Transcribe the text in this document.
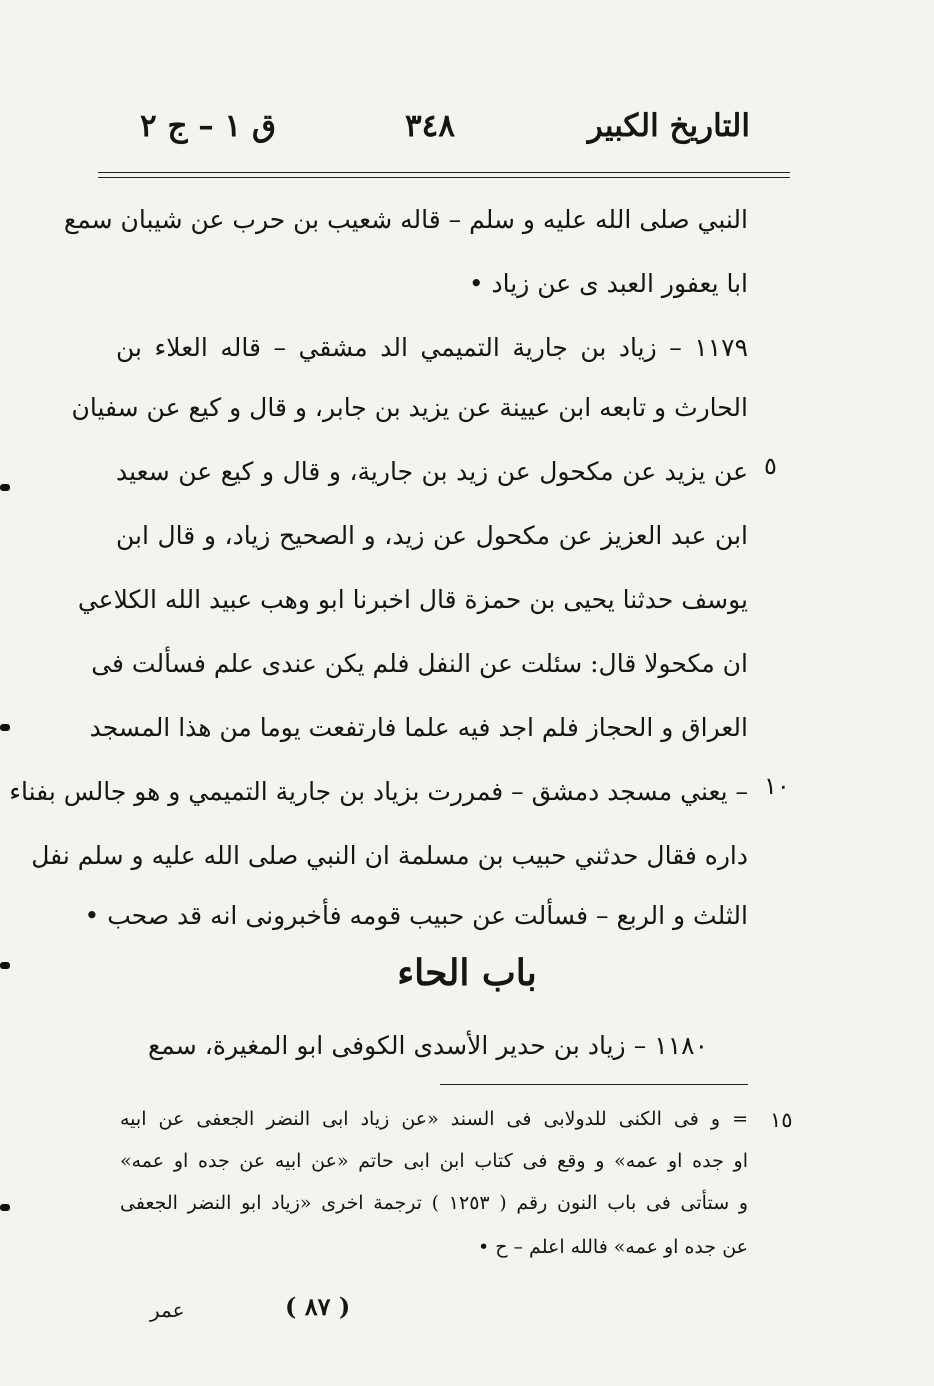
التاريخ الكبير
٣٤٨
ق ١ – ج ٢
النبي صلى الله عليه و سلم – قاله شعيب بن حرب عن شيبان سمع
ابا يعفور العبد ى عن زياد •
١١٧٩ – زياد بن جارية التميمي الد مشقي – قاله العلاء بن
الحارث و تابعه ابن عيينة عن يزيد بن جابر، و قال و كيع عن سفيان
عن يزيد عن مكحول عن زيد بن جارية، و قال و كيع عن سعيد
ابن عبد العزيز عن مكحول عن زيد، و الصحيح زياد، و قال ابن
يوسف حدثنا يحيى بن حمزة قال اخبرنا ابو وهب عبيد الله الكلاعي
ان مكحولا قال: سئلت عن النفل فلم يكن عندى علم فسألت فى
العراق و الحجاز فلم اجد فيه علما فارتفعت يوما من هذا المسجد
– يعني مسجد دمشق – فمررت بزياد بن جارية التميمي و هو جالس بفناء
داره فقال حدثني حبيب بن مسلمة ان النبي صلى الله عليه و سلم نفل
الثلث و الربع – فسألت عن حبيب قومه فأخبرونى انه قد صحب •
٥
١٠
باب الحاء
١١٨٠ – زياد بن حدير الأسدى الكوفى ابو المغيرة، سمع
١٥
= و فى الكنى للدولابى فى السند «عن زياد ابى النضر الجعفى عن ابيه
او جده او عمه» و وقع فى كتاب ابن ابى حاتم «عن ابيه عن جده او عمه»
و ستأتى فى باب النون رقم ( ١٢٥٣ ) ترجمة اخرى «زياد ابو النضر الجعفى
عن جده او عمه» فالله اعلم – ح •
( ٨٧ )
عمر
